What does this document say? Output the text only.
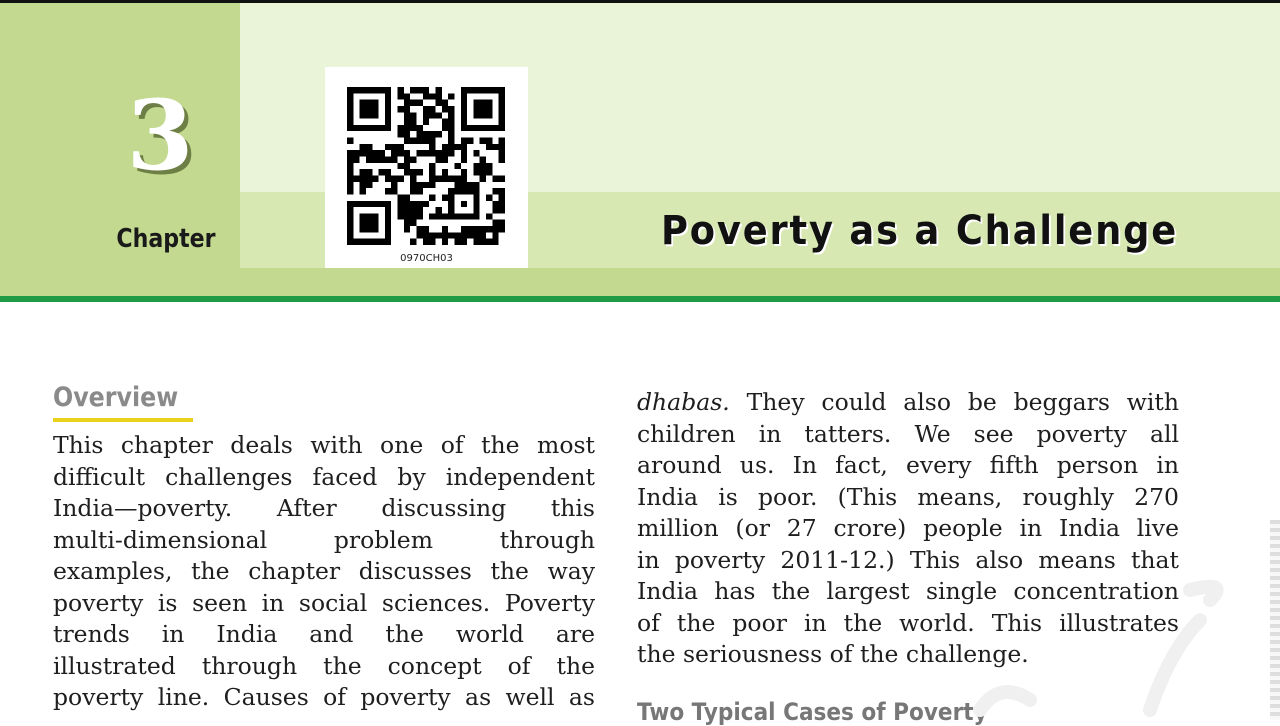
3
Chapter
0970CH03
Poverty as a Challenge
Overview
This chapter deals with one of the most
difficult challenges faced by independent
India—poverty. After discussing this
multi-dimensional problem through
examples, the chapter discusses the way
poverty is seen in social sciences. Poverty
trends in India and the world are
illustrated through the concept of the
poverty line. Causes of poverty as well as
dhabas. They could also be beggars with
children in tatters. We see poverty all
around us. In fact, every fifth person in
India is poor. (This means, roughly 270
million (or 27 crore) people in India live
in poverty 2011-12.) This also means that
India has the largest single concentration
of the poor in the world. This illustrates
the seriousness of the challenge.
Two Typical Cases of Poverty
